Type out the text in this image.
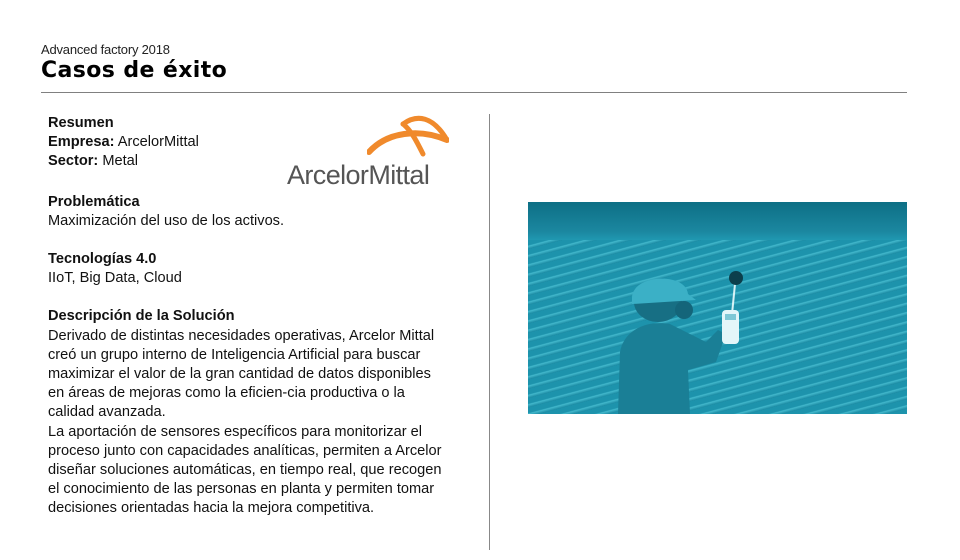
Advanced factory 2018
Casos de éxito
Resumen
Empresa: ArcelorMittal
Sector: Metal
Problemática
Maximización del uso de los activos.
Tecnologías 4.0
IIoT, Big Data, Cloud
Descripción de la Solución
Derivado de distintas necesidades operativas, Arcelor Mittal creó un grupo interno de Inteligencia Artificial para buscar maximizar el valor de la gran cantidad de datos disponibles en áreas de mejoras como la eficien-cia productiva o la calidad avanzada.
La aportación de sensores específicos para monitorizar el proceso junto con capacidades analíticas, permiten a Arcelor diseñar soluciones automáticas, en tiempo real, que recogen el conocimiento de las personas en planta y permiten tomar decisiones orientadas hacia la mejora competitiva.
ArcelorMittal
